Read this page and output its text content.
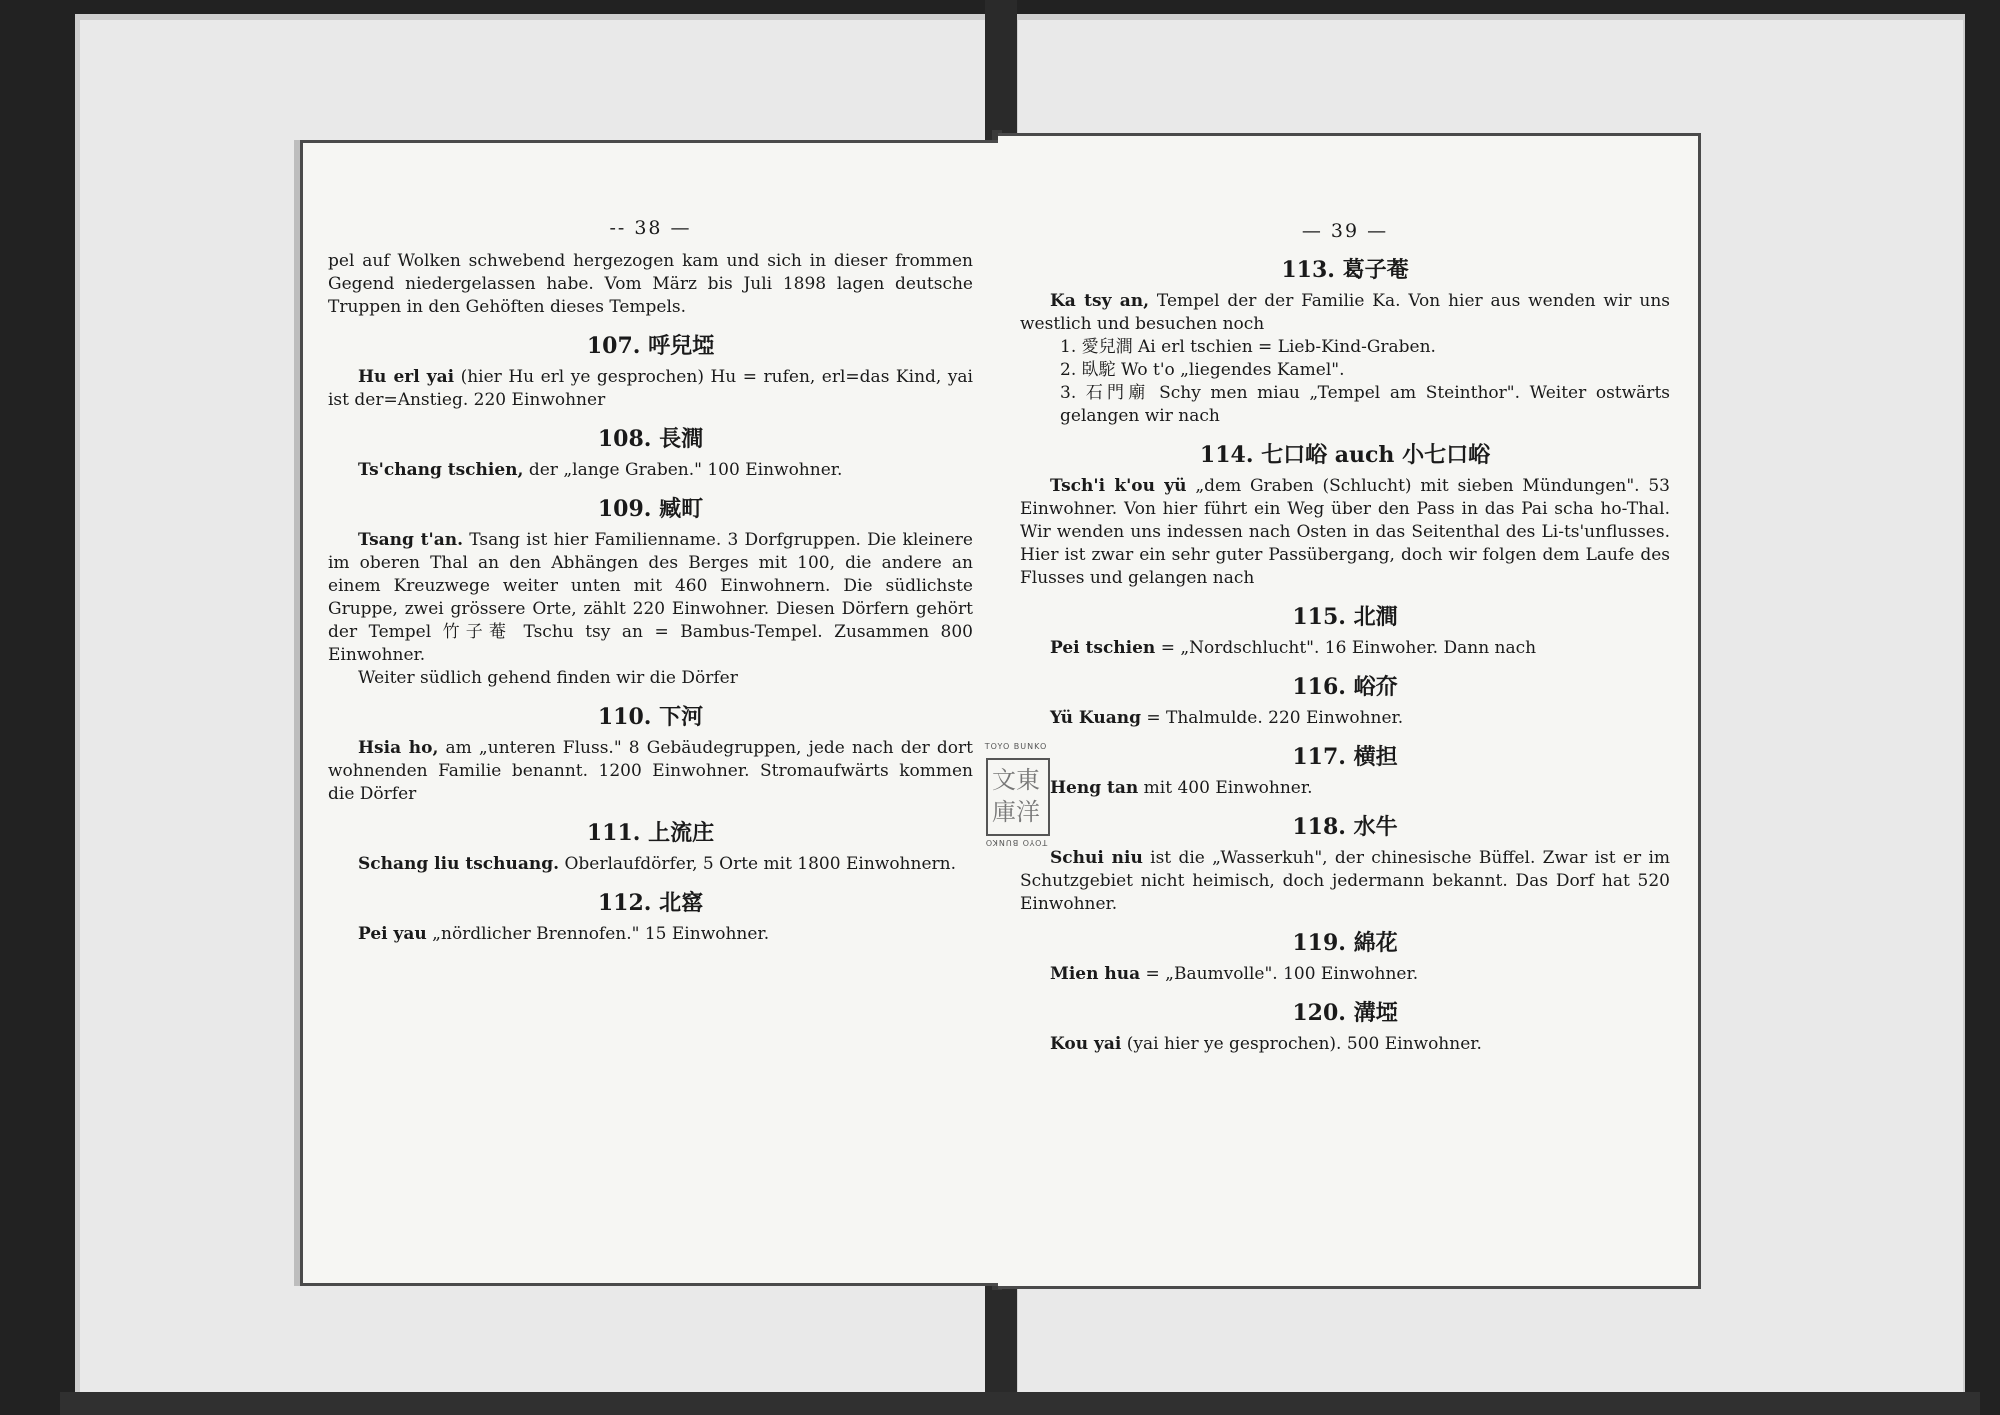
-- 38 —

pel auf Wolken schwebend hergezogen kam und sich in dieser frommen Gegend niedergelassen habe. Vom März bis Juli 1898 lagen deutsche Truppen in den Gehöften dieses Tempels.

107. 呼兒埡

Hu erl yai (hier Hu erl ye gesprochen) Hu = rufen, erl=das Kind, yai ist der=Anstieg. 220 Einwohner

108. 長澗

Ts'chang tschien, der „lange Graben." 100 Einwohner.

109. 臧町

Tsang t'an. Tsang ist hier Familienname. 3 Dorfgruppen. Die kleinere im oberen Thal an den Abhängen des Berges mit 100, die andere an einem Kreuzwege weiter unten mit 460 Einwohnern. Die südlichste Gruppe, zwei grössere Orte, zählt 220 Einwohner. Diesen Dörfern gehört der Tempel 竹子菴 Tschu tsy an = Bambus-Tempel. Zusammen 800 Einwohner.

Weiter südlich gehend finden wir die Dörfer

110. 下河

Hsia ho, am „unteren Fluss." 8 Gebäudegruppen, jede nach der dort wohnenden Familie benannt. 1200 Einwohner. Stromaufwärts kommen die Dörfer

111. 上流庄

Schang liu tschuang. Oberlaufdörfer, 5 Orte mit 1800 Einwohnern.

112. 北窰

Pei yau „nördlicher Brennofen." 15 Einwohner.

— 39 —
113. 葛子菴

Ka tsy an, Tempel der der Familie Ka. Von hier aus wenden wir uns westlich und besuchen noch

1. 愛兒澗 Ai erl tschien = Lieb-Kind-Graben.

2. 臥駝 Wo t'o „liegendes Kamel".

3. 石門廟 Schy men miau „Tempel am Steinthor". Weiter ostwärts gelangen wir nach

114. 七口峪 auch 小七口峪

Tsch'i k'ou yü „dem Graben (Schlucht) mit sieben Mündungen". 53 Einwohner. Von hier führt ein Weg über den Pass in das Pai scha ho-Thal. Wir wenden uns indessen nach Osten in das Seitenthal des Li-ts'unflusses. Hier ist zwar ein sehr guter Passübergang, doch wir folgen dem Laufe des Flusses und gelangen nach

115. 北澗

Pei tschien = „Nordschlucht". 16 Einwoher. Dann nach

116. 峪夼

Yü Kuang = Thalmulde. 220 Einwohner.

117. 横担

Heng tan mit 400 Einwohner.

118. 水牛

Schui niu ist die „Wasserkuh", der chinesische Büffel. Zwar ist er im Schutzgebiet nicht heimisch, doch jedermann bekannt. Das Dorf hat 520 Einwohner.

119. 綿花

Mien hua = „Baumvolle". 100 Einwohner.

120. 溝埡

Kou yai (yai hier ye gesprochen). 500 Einwohner.

TOYO BUNKO
文東庫洋
TOYO BUNKO
